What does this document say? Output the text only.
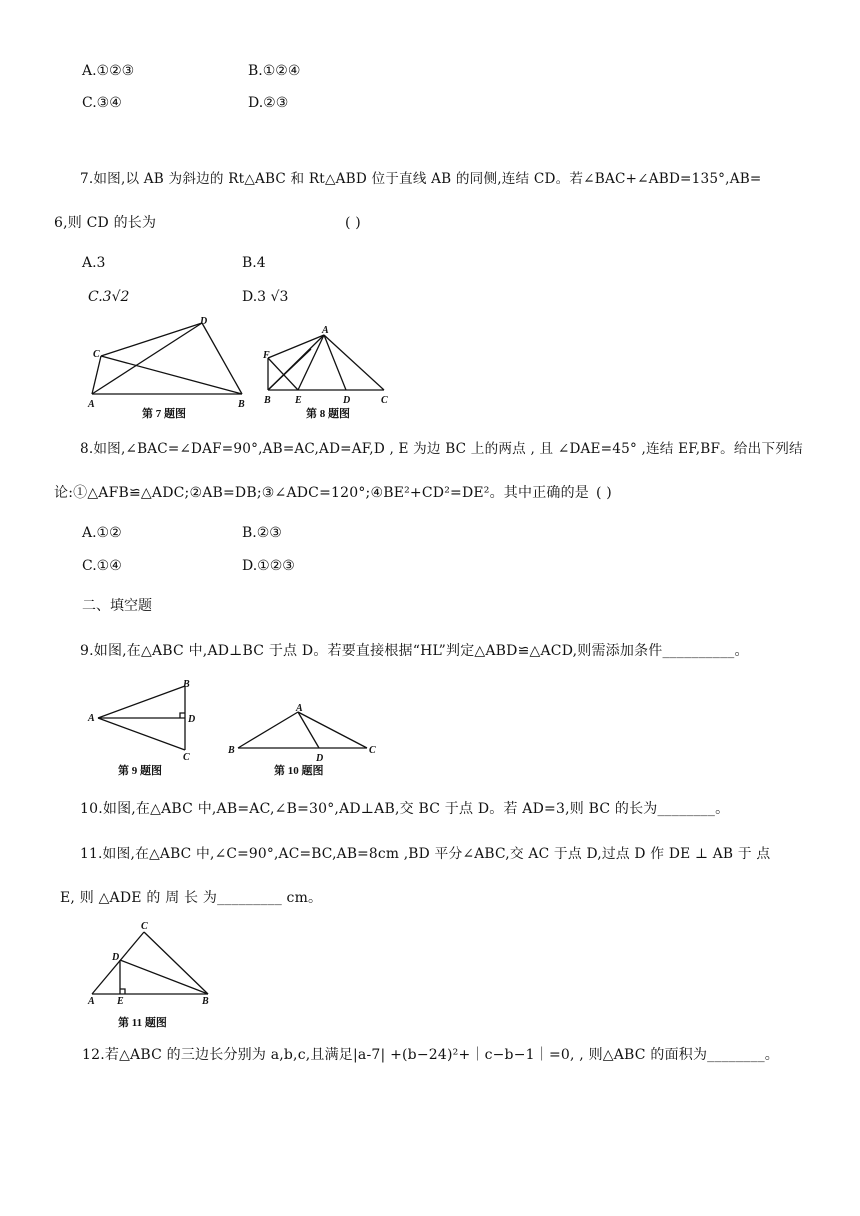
A.①②③	B.①②④
C.③④	D.②③
7.如图,以 AB 为斜边的 Rt△ABC 和 Rt△ABD 位于直线 AB 的同侧,连结 CD。若∠BAC+∠ABD=135°,AB=
6,则 CD 的长为	( )
A.3	B.4
C.3√2	D.3 √3
A	B
C
D
第 7 题图
A
B	C
D
E
F
第 8 题图
8.如图,∠BAC=∠DAF=90°,AB=AC,AD=AF,D , E 为边 BC 上的两点 , 且 ∠DAE=45° ,连结 EF,BF。给出下列结
论:①△AFB≌△ADC;②AB=DB;③∠ADC=120°;④BE²+CD²=DE²。其中正确的是 ( )
A.①②	B.②③
C.①④	D.①②③
二、填空题
9.如图,在△ABC 中,AD⊥BC 于点 D。若要直接根据“HL”判定△ABD≌△ACD,则需添加条件__________。
A
B
C
D
第 9 题图
A
B	C
D
第 10 题图
10.如图,在△ABC 中,AB=AC,∠B=30°,AD⊥AB,交 BC 于点 D。若 AD=3,则 BC 的长为________。
11.如图,在△ABC 中,∠C=90°,AC=BC,AB=8cm ,BD 平分∠ABC,交 AC 于点 D,过点 D 作 DE ⊥ AB 于 点
E, 则 △ADE 的 周 长 为_________ cm。
A	B
C
D
E
第 11 题图
12.若△ABC 的三边长分别为 a,b,c,且满足|a-7| +(b−24)²+｜c−b−1｜=0, , 则△ABC 的面积为________。
